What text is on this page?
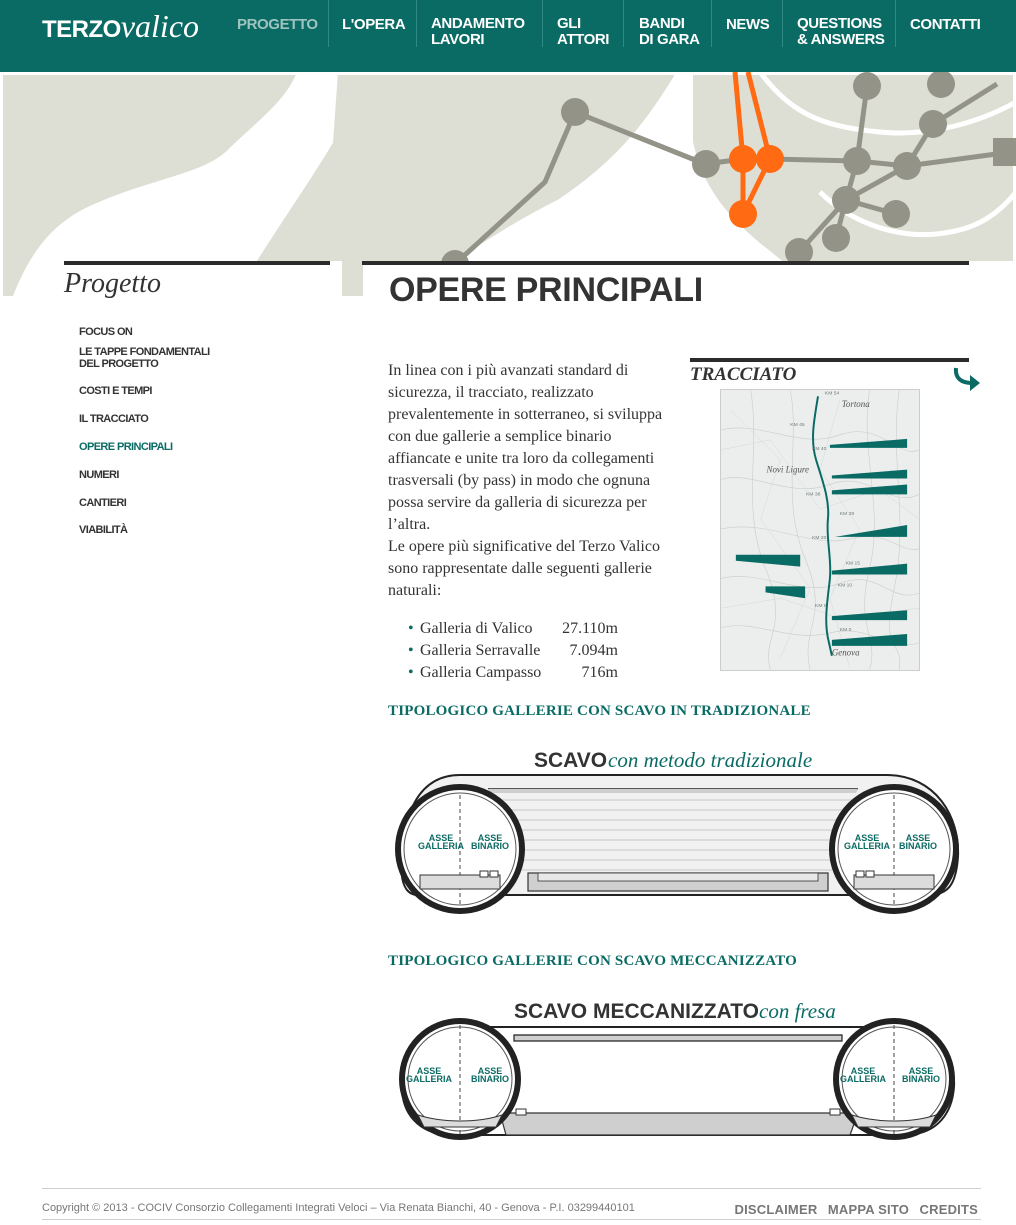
TERZOvalico	PROGETTO L'OPERA ANDAMENTO
LAVORI
GLI
ATTORI
BANDI
DI GARA
NEWS QUESTIONS
& ANSWERS
CONTATTI
Progetto
FOCUS ON
LE TAPPE FONDAMENTALI
DEL PROGETTO
COSTI E TEMPI
IL TRACCIATO
OPERE PRINCIPALI
NUMERI
CANTIERI
VIABILITÀ
OPERE PRINCIPALI
In linea con i più avanzati standard di sicurezza, il tracciato, realizzato prevalentemente in sotterraneo, si sviluppa con due gallerie a semplice binario affiancate e unite tra loro da collegamenti trasversali (by pass) in modo che ognuna possa servire da galleria di sicurezza per l’altra.
Le opere più significative del Terzo Valico sono rappresentate dalle seguenti gallerie naturali:
• Galleria di Valico	27.110m
• Galleria Serravalle	7.094m
• Galleria Campasso	716m
TRACCIATO
Tortona
Novi Ligure
Genova
KM 54
KM 45
KM 40
KM 38
KM 29
KM 20
KM 15
KM 10
KM 5
KM 0
TIPOLOGICO GALLERIE CON SCAVO IN TRADIZIONALE
SCAVO con metodo tradizionale
ASSE
GALLERIA
ASSE
BINARIO
ASSE
GALLERIA
ASSE
BINARIO
TIPOLOGICO GALLERIE CON SCAVO MECCANIZZATO
SCAVO MECCANIZZATO con fresa
ASSE
GALLERIA
ASSE
BINARIO
ASSE
GALLERIA
ASSE
BINARIO
Copyright © 2013 - COCIV Consorzio Collegamenti Integrati Veloci – Via Renata Bianchi, 40 - Genova - P.I. 03299440101	DISCLAIMER MAPPA SITO CREDITS
